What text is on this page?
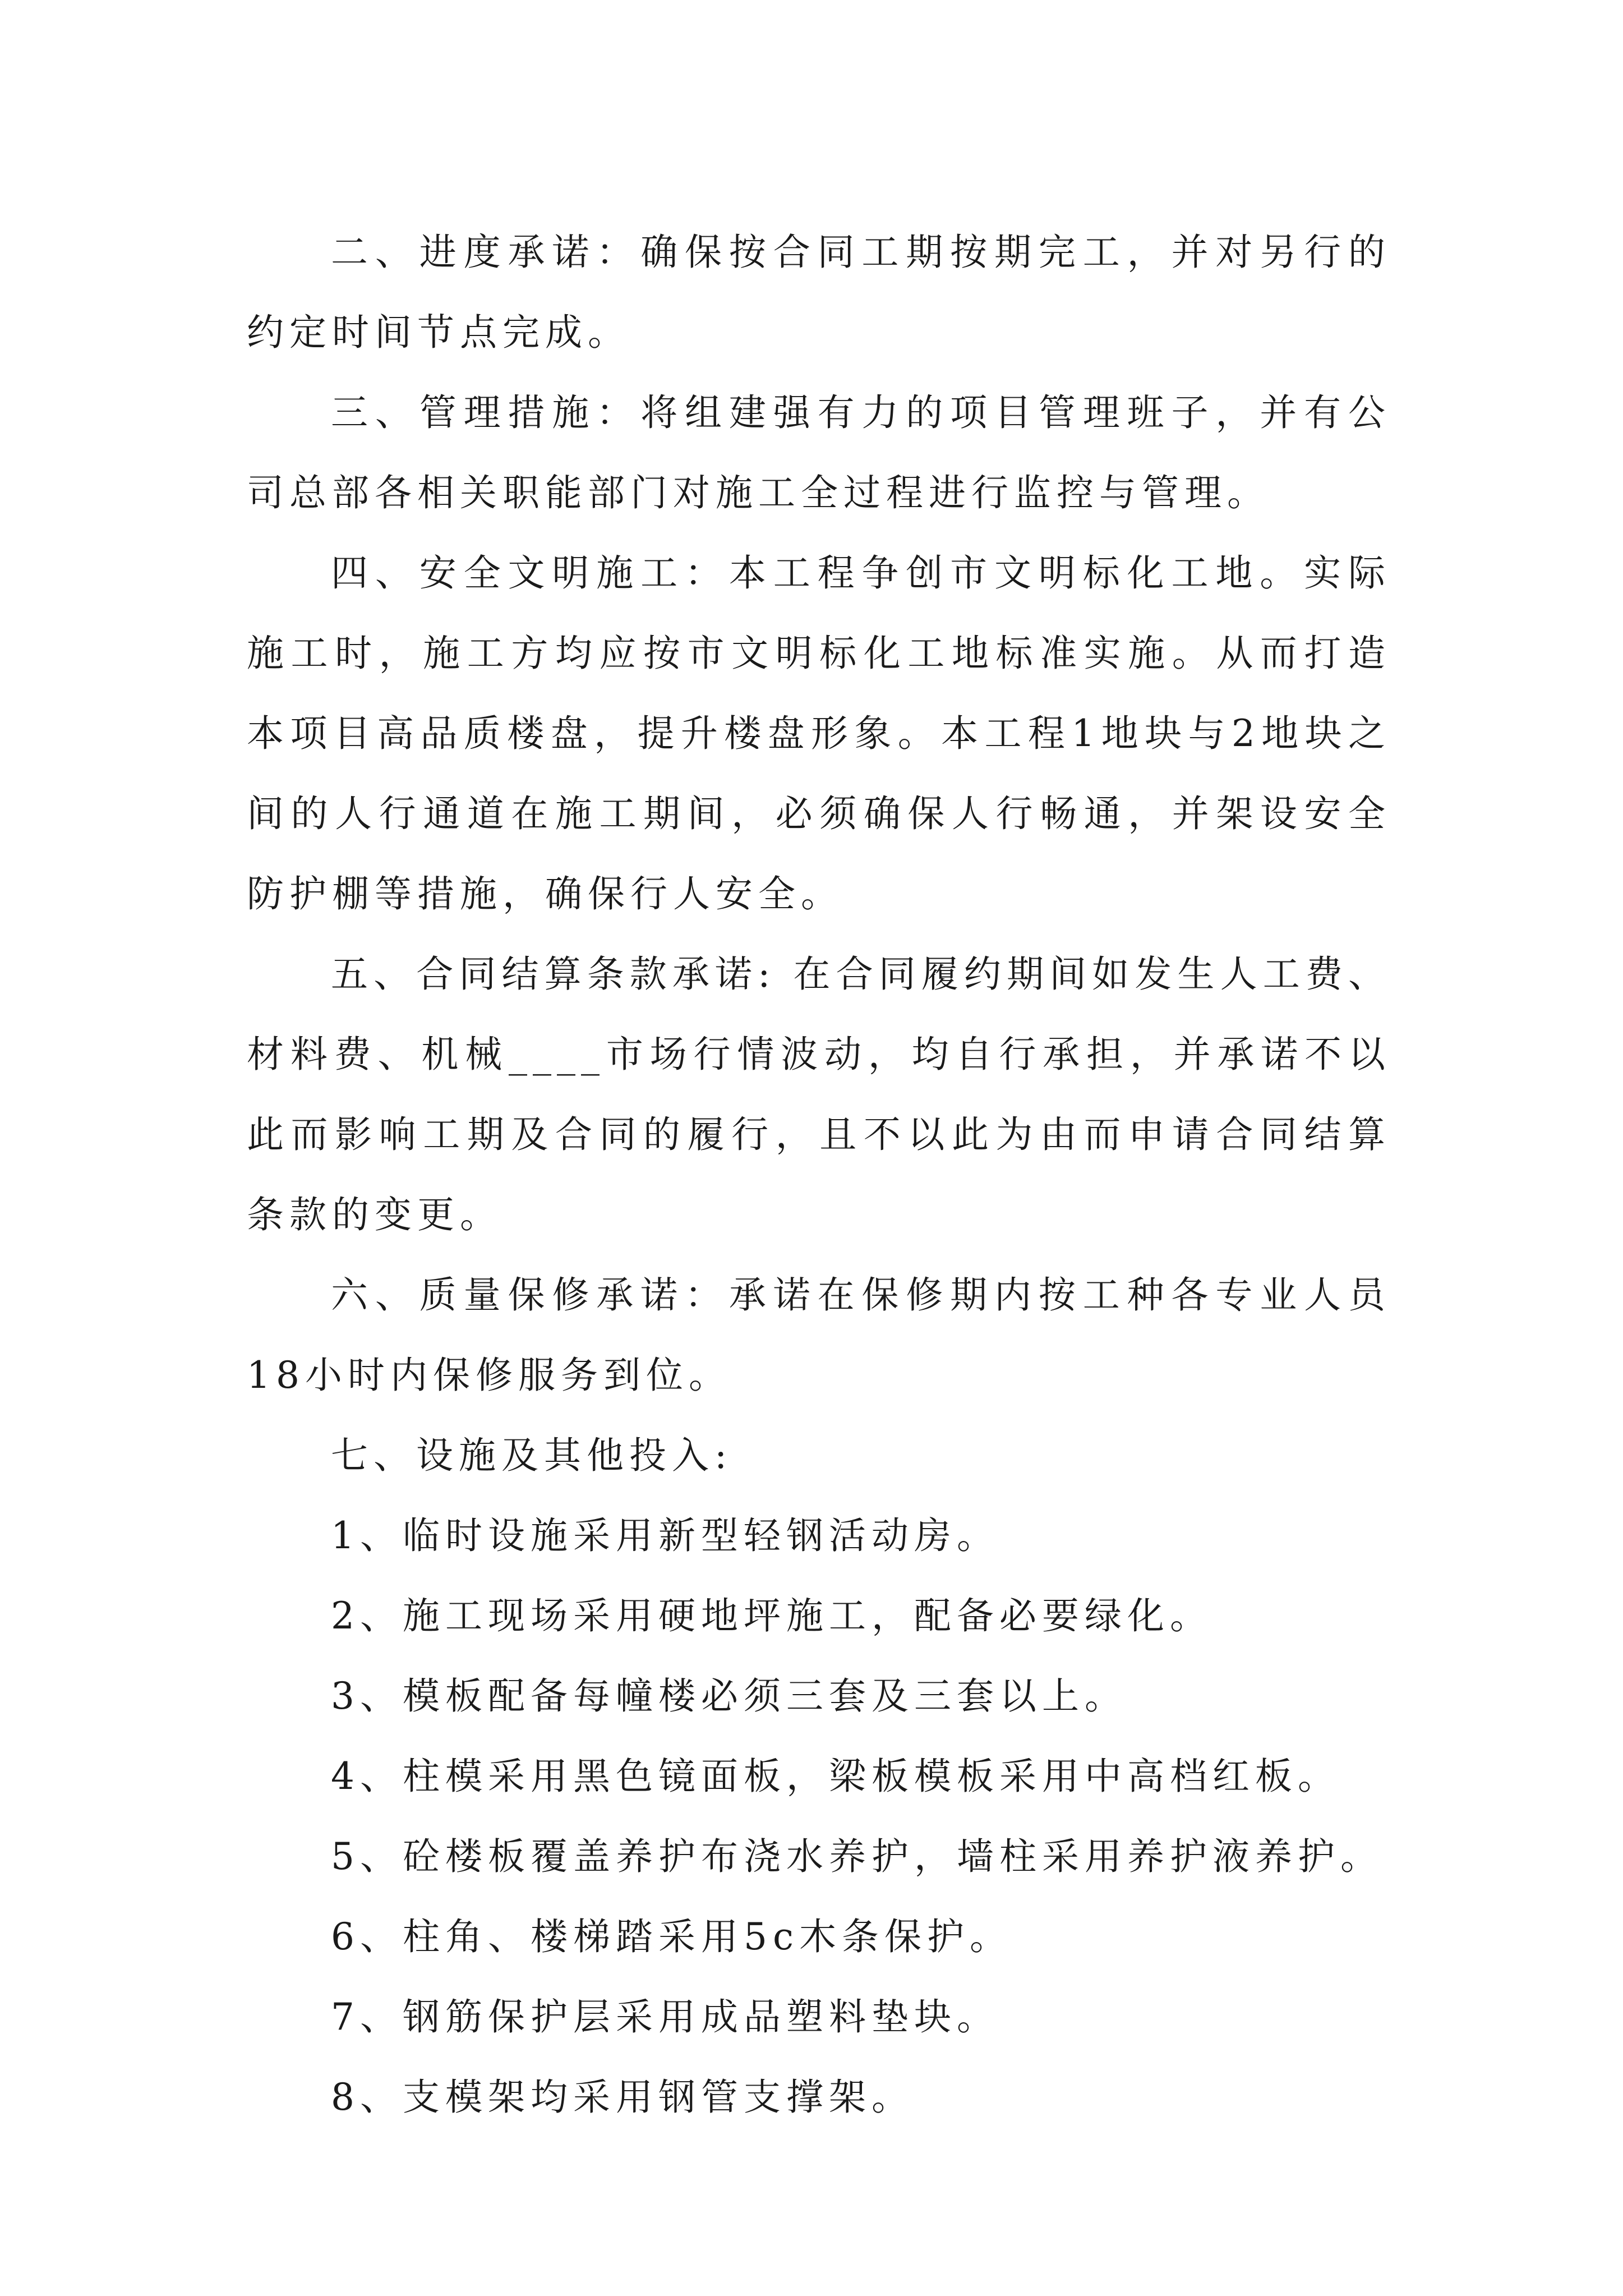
二、进度承诺：确保按合同工期按期完工，并对另行的约定时间节点完成。

三、管理措施：将组建强有力的项目管理班子，并有公司总部各相关职能部门对施工全过程进行监控与管理。

四、安全文明施工：本工程争创市文明标化工地。实际施工时，施工方均应按市文明标化工地标准实施。从而打造本项目高品质楼盘，提升楼盘形象。本工程1地块与2地块之间的人行通道在施工期间，必须确保人行畅通，并架设安全防护棚等措施，确保行人安全。

五、合同结算条款承诺: 在合同履约期间如发生人工费、材料费、机械____市场行情波动，均自行承担，并承诺不以此而影响工期及合同的履行，且不以此为由而申请合同结算条款的变更。

六、质量保修承诺：承诺在保修期内按工种各专业人员18小时内保修服务到位。

七、设施及其他投入:

1、临时设施采用新型轻钢活动房。

2、施工现场采用硬地坪施工，配备必要绿化。

3、模板配备每幢楼必须三套及三套以上。

4、柱模采用黑色镜面板，梁板模板采用中高档红板。

5、砼楼板覆盖养护布浇水养护，墙柱采用养护液养护。

6、柱角、楼梯踏采用5c木条保护。

7、钢筋保护层采用成品塑料垫块。

8、支模架均采用钢管支撑架。
